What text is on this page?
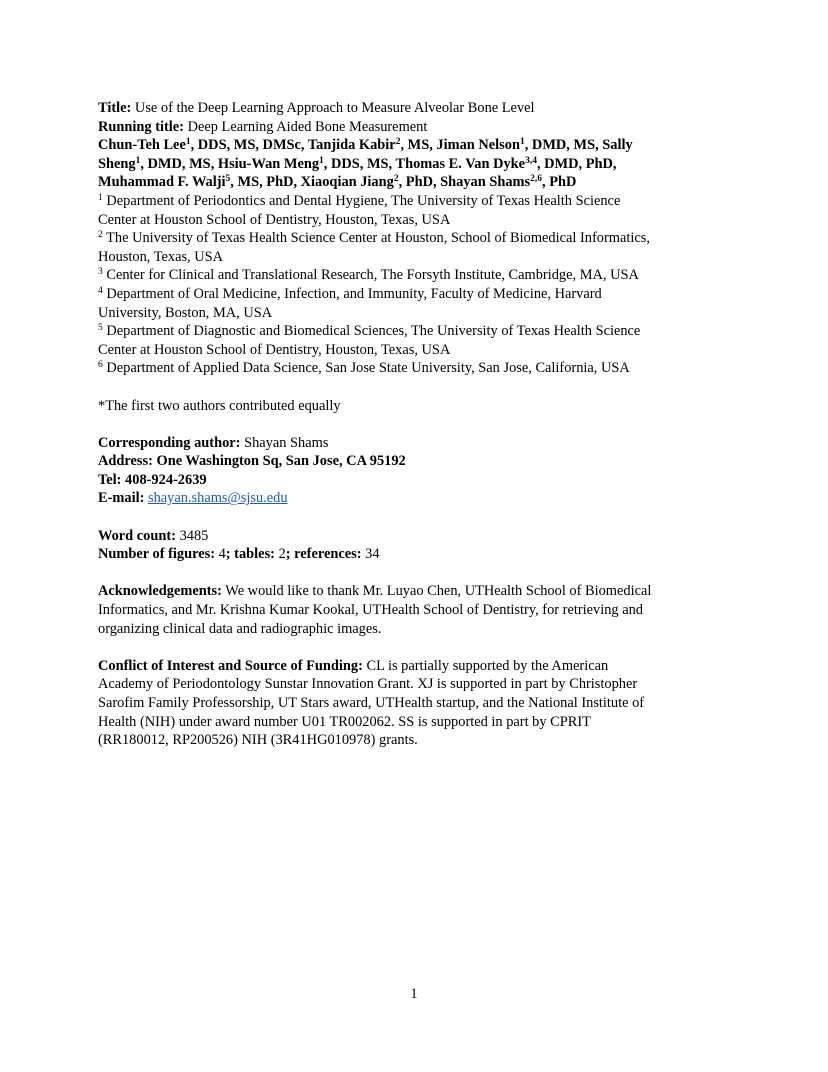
Title: Use of the Deep Learning Approach to Measure Alveolar Bone Level
Running title: Deep Learning Aided Bone Measurement
Chun-Teh Lee$^1$, DDS, MS, DMSc, Tanjida Kabir$^2$, MS, Jiman Nelson$^1$, DMD, MS, Sally
Sheng$^1$, DMD, MS, Hsiu-Wan Meng$^1$, DDS, MS, Thomas E. Van Dyke$^{3,4}$, DMD, PhD,
Muhammad F. Walji$^5$, MS, PhD, Xiaoqian Jiang$^2$, PhD, Shayan Shams$^{2,6}$, PhD
$^1$ Department of Periodontics and Dental Hygiene, The University of Texas Health Science
Center at Houston School of Dentistry, Houston, Texas, USA
$^2$ The University of Texas Health Science Center at Houston, School of Biomedical Informatics,
Houston, Texas, USA
$^3$ Center for Clinical and Translational Research, The Forsyth Institute, Cambridge, MA, USA
$^4$ Department of Oral Medicine, Infection, and Immunity, Faculty of Medicine, Harvard
University, Boston, MA, USA
$^5$ Department of Diagnostic and Biomedical Sciences, The University of Texas Health Science
Center at Houston School of Dentistry, Houston, Texas, USA
$^6$ Department of Applied Data Science, San Jose State University, San Jose, California, USA
*The first two authors contributed equally
Corresponding author: Shayan Shams
Address: One Washington Sq, San Jose, CA 95192
Tel: 408-924-2639
E-mail: shayan.shams@sjsu.edu
Word count: 3485
Number of figures: 4; tables: 2; references: 34
Acknowledgements: We would like to thank Mr. Luyao Chen, UTHealth School of Biomedical
Informatics, and Mr. Krishna Kumar Kookal, UTHealth School of Dentistry, for retrieving and
organizing clinical data and radiographic images.
Conflict of Interest and Source of Funding: CL is partially supported by the American
Academy of Periodontology Sunstar Innovation Grant. XJ is supported in part by Christopher
Sarofim Family Professorship, UT Stars award, UTHealth startup, and the National Institute of
Health (NIH) under award number U01 TR002062. SS is supported in part by CPRIT
(RR180012, RP200526) NIH (3R41HG010978) grants.
1
